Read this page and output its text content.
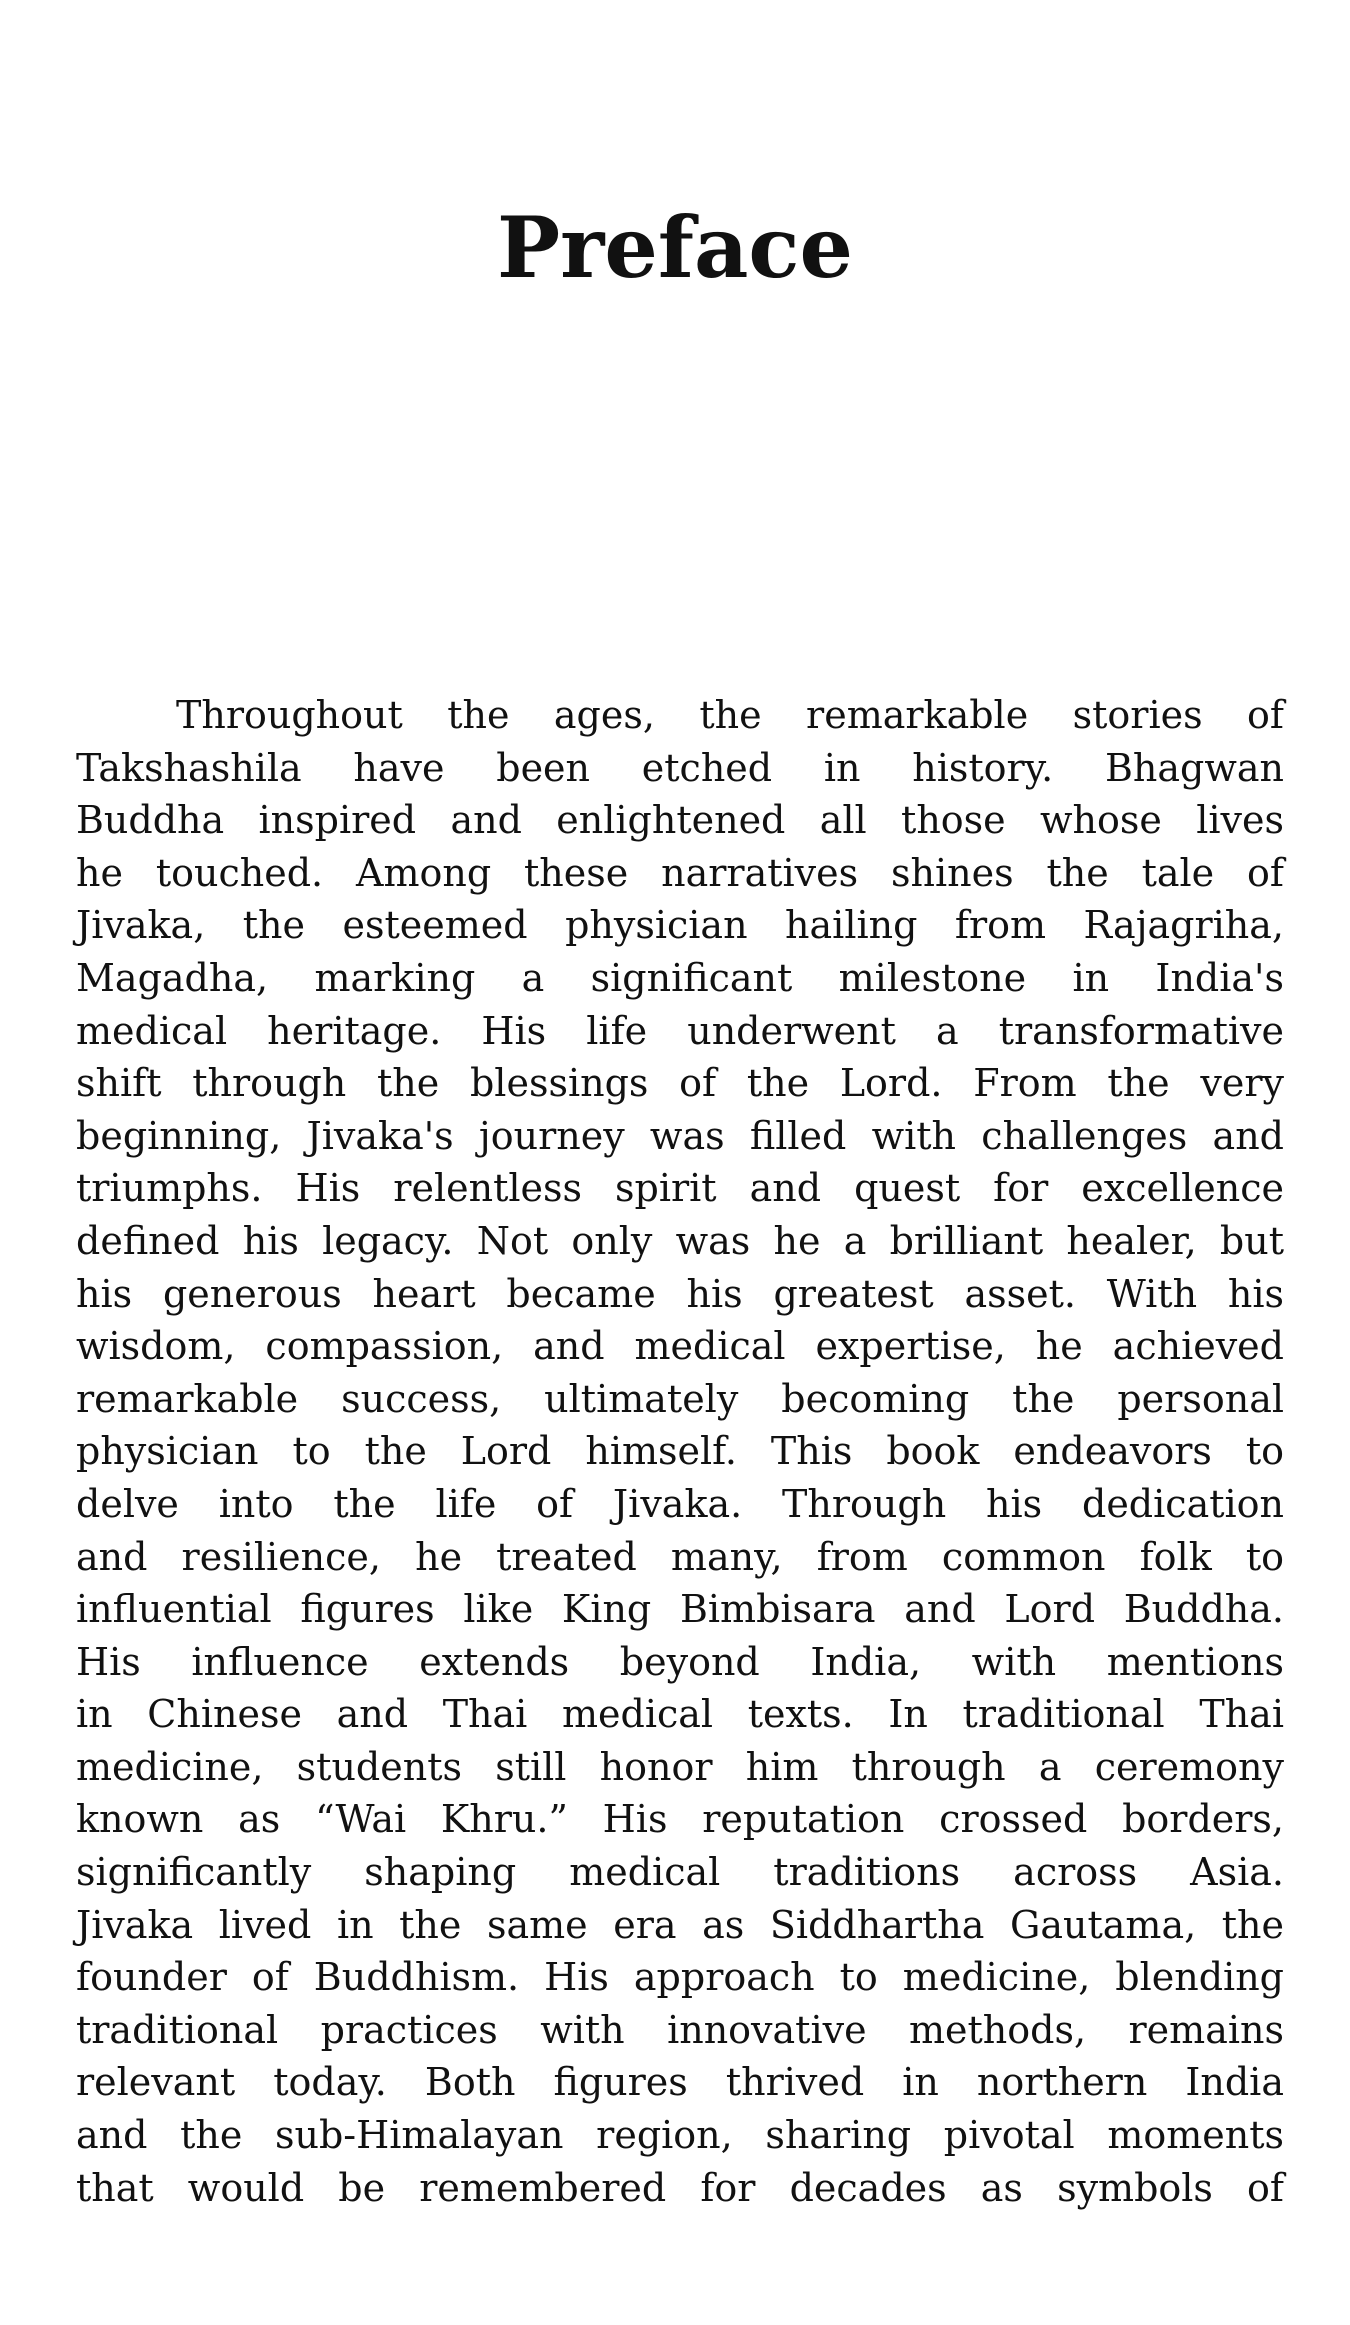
Preface
Throughout the ages, the remarkable stories of
Takshashila have been etched in history. Bhagwan
Buddha inspired and enlightened all those whose lives
he touched. Among these narratives shines the tale of
Jivaka, the esteemed physician hailing from Rajagriha,
Magadha, marking a significant milestone in India's
medical heritage. His life underwent a transformative
shift through the blessings of the Lord. From the very
beginning, Jivaka's journey was filled with challenges and
triumphs. His relentless spirit and quest for excellence
defined his legacy. Not only was he a brilliant healer, but
his generous heart became his greatest asset. With his
wisdom, compassion, and medical expertise, he achieved
remarkable success, ultimately becoming the personal
physician to the Lord himself. This book endeavors to
delve into the life of Jivaka. Through his dedication
and resilience, he treated many, from common folk to
influential figures like King Bimbisara and Lord Buddha.
His influence extends beyond India, with mentions
in Chinese and Thai medical texts. In traditional Thai
medicine, students still honor him through a ceremony
known as “Wai Khru.” His reputation crossed borders,
significantly shaping medical traditions across Asia.
Jivaka lived in the same era as Siddhartha Gautama, the
founder of Buddhism. His approach to medicine, blending
traditional practices with innovative methods, remains
relevant today. Both figures thrived in northern India
and the sub-Himalayan region, sharing pivotal moments
that would be remembered for decades as symbols of
